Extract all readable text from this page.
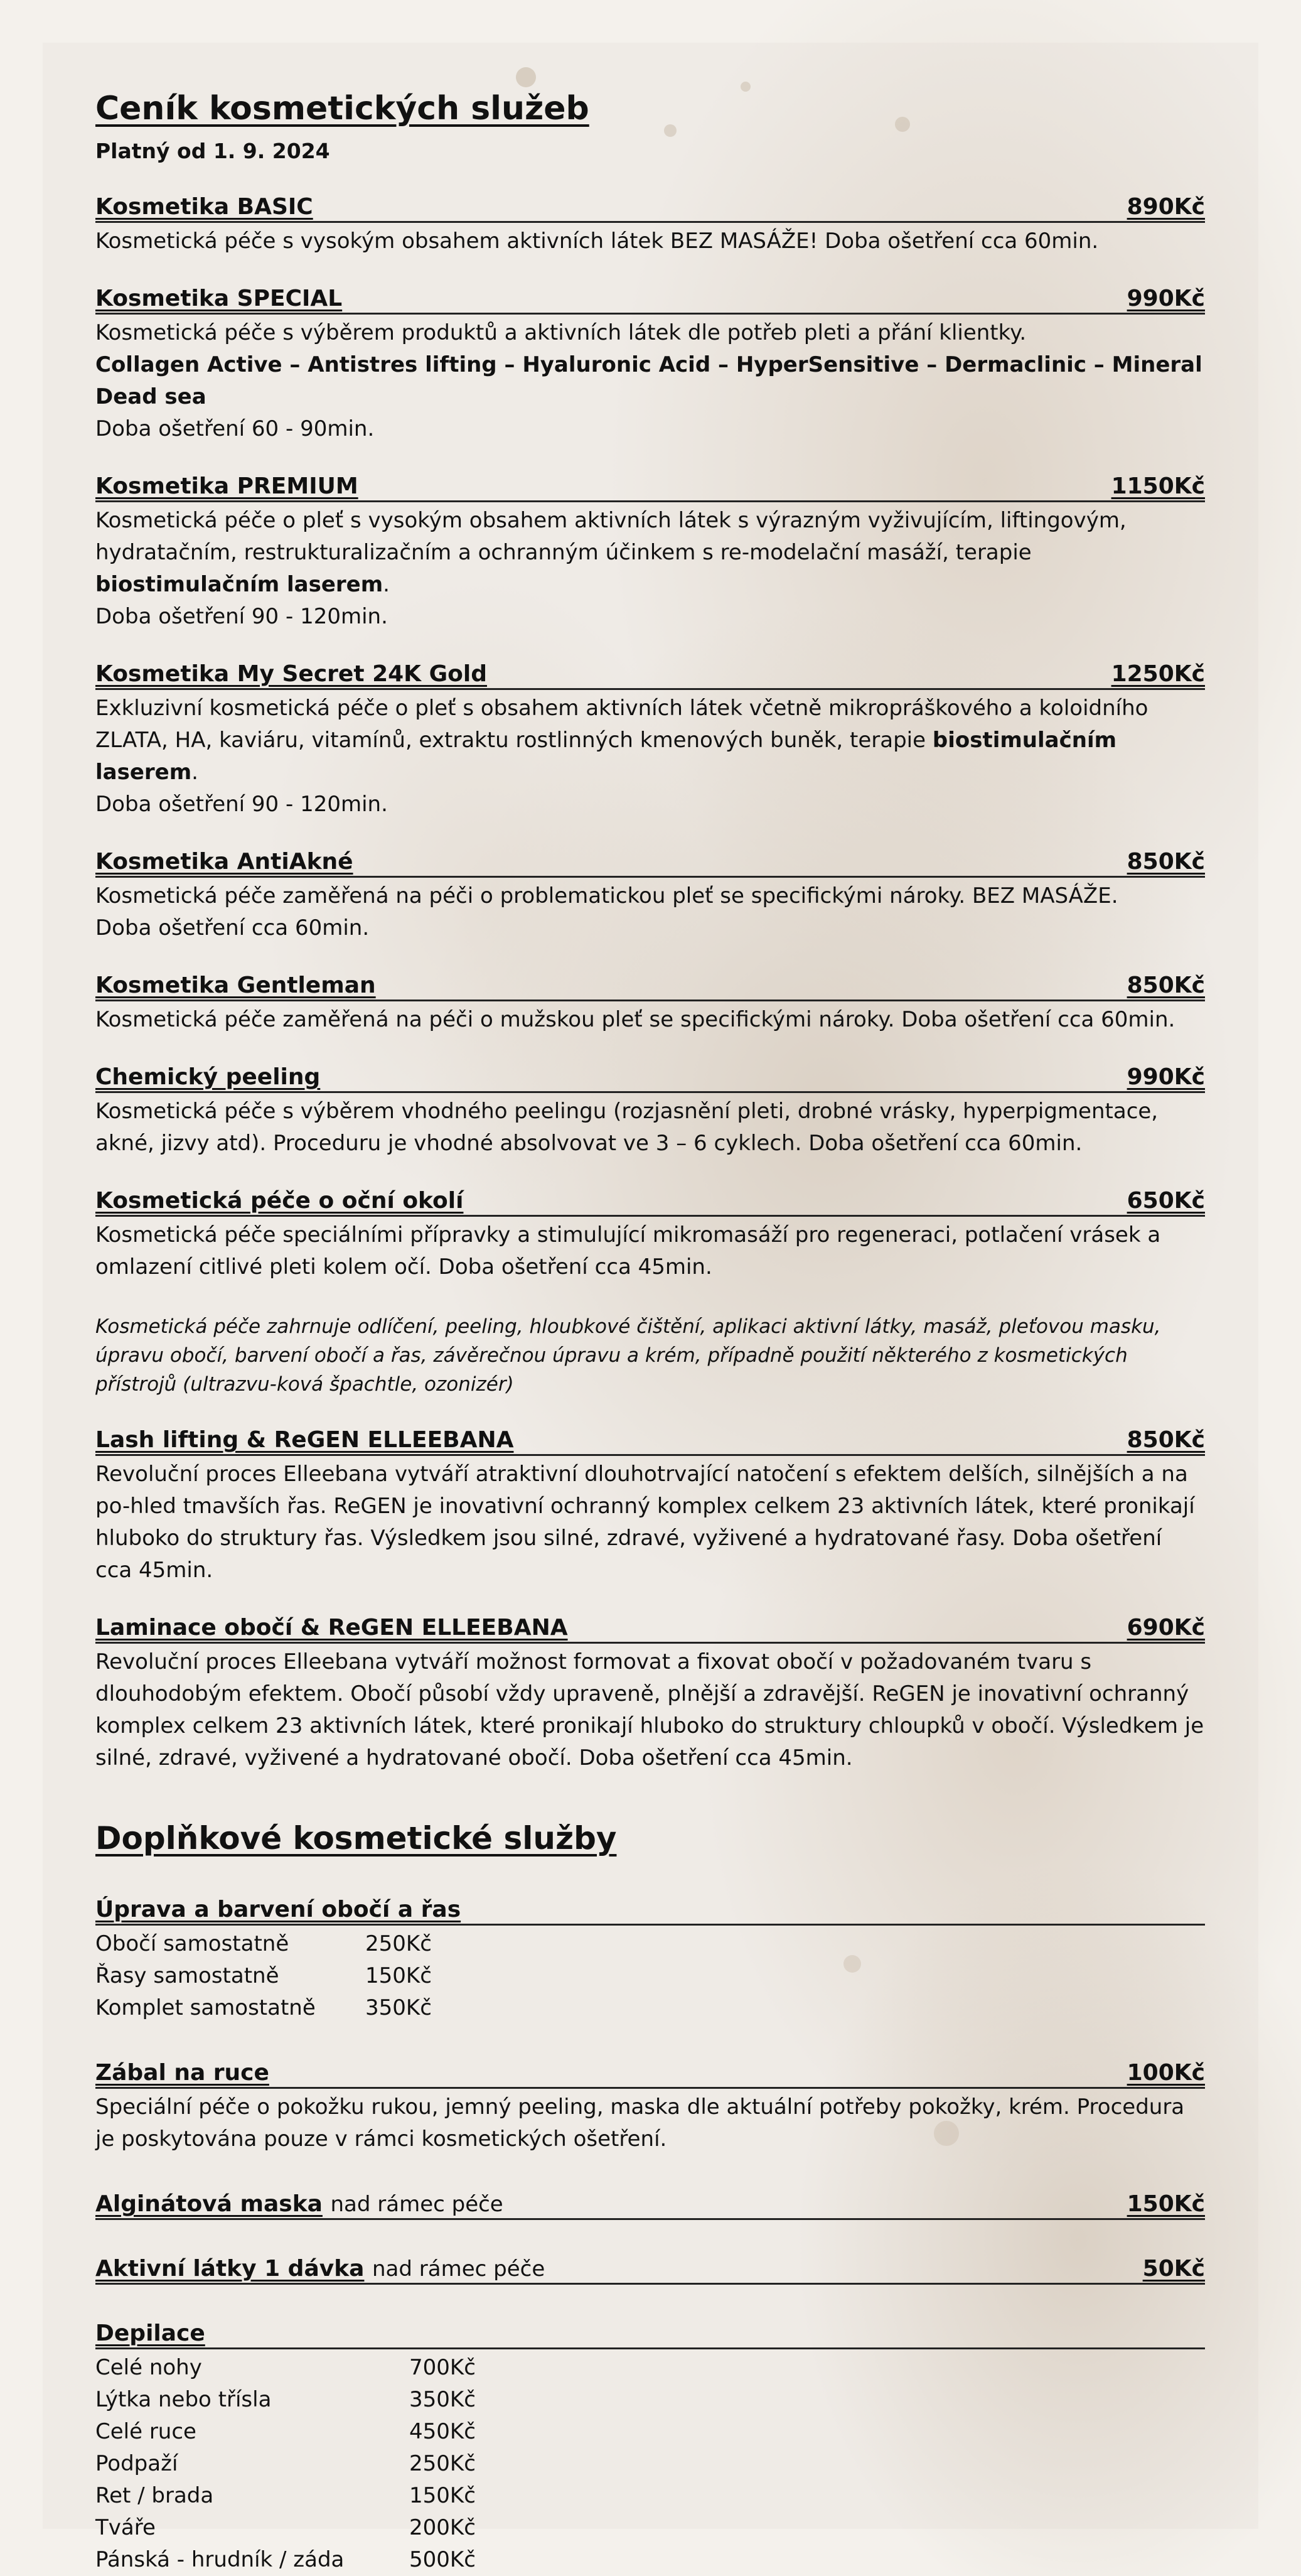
Ceník kosmetických služeb
Platný od 1. 9. 2024
Kosmetika BASIC	890Kč

Kosmetická péče s vysokým obsahem aktivních látek BEZ MASÁŽE! Doba ošetření cca 60min.

Kosmetika SPECIAL	990Kč

Kosmetická péče s výběrem produktů a aktivních látek dle potřeb pleti a přání klientky.

Collagen Active – Antistres lifting – Hyaluronic Acid – HyperSensitive – Dermaclinic – Mineral Dead sea

Doba ošetření 60 - 90min.

Kosmetika PREMIUM	1150Kč

Kosmetická péče o pleť s vysokým obsahem aktivních látek s výrazným vyživujícím, liftingovým, hydratačním, restrukturalizačním a ochranným účinkem s re-modelační masáží, terapie biostimulačním laserem.

Doba ošetření 90 - 120min.

Kosmetika My Secret 24K Gold	1250Kč

Exkluzivní kosmetická péče o pleť s obsahem aktivních látek včetně mikropráškového a koloidního ZLATA, HA, kaviáru, vitamínů, extraktu rostlinných kmenových buněk, terapie biostimulačním laserem.

Doba ošetření 90 - 120min.

Kosmetika AntiAkné	850Kč

Kosmetická péče zaměřená na péči o problematickou pleť se specifickými nároky. BEZ MASÁŽE.

Doba ošetření cca 60min.

Kosmetika Gentleman	850Kč

Kosmetická péče zaměřená na péči o mužskou pleť se specifickými nároky. Doba ošetření cca 60min.

Chemický peeling	990Kč

Kosmetická péče s výběrem vhodného peelingu (rozjasnění pleti, drobné vrásky, hyperpigmentace, akné, jizvy atd). Proceduru je vhodné absolvovat ve 3 – 6 cyklech. Doba ošetření cca 60min.

Kosmetická péče o oční okolí	650Kč

Kosmetická péče speciálními přípravky a stimulující mikromasáží pro regeneraci, potlačení vrásek a omlazení citlivé pleti kolem očí. Doba ošetření cca 45min.

Kosmetická péče zahrnuje odlíčení, peeling, hloubkové čištění, aplikaci aktivní látky, masáž, pleťovou masku, úpravu obočí, barvení obočí a řas, závěrečnou úpravu a krém, případně použití některého z kosmetických přístrojů (ultrazvu-ková špachtle, ozonizér)
Lash lifting & ReGEN ELLEEBANA	850Kč

Revoluční proces Elleebana vytváří atraktivní dlouhotrvající natočení s efektem delších, silnějších a na po-hled tmavších řas. ReGEN je inovativní ochranný komplex celkem 23 aktivních látek, které pronikají hluboko do struktury řas. Výsledkem jsou silné, zdravé, vyživené a hydratované řasy. Doba ošetření cca 45min.

Laminace obočí & ReGEN ELLEEBANA	690Kč

Revoluční proces Elleebana vytváří možnost formovat a fixovat obočí v požadovaném tvaru s dlouhodobým efektem. Obočí působí vždy upraveně, plnější a zdravější. ReGEN je inovativní ochranný komplex celkem 23 aktivních látek, které pronikají hluboko do struktury chloupků v obočí. Výsledkem je silné, zdravé, vyživené a hydratované obočí. Doba ošetření cca 45min.

Doplňkové kosmetické služby
Úprava a barvení obočí a řas
Obočí samostatně	250Kč
Řasy samostatně	150Kč
Komplet samostatně	350Kč
Zábal na ruce	100Kč
Speciální péče o pokožku rukou, jemný peeling, maska dle aktuální potřeby pokožky, krém. Procedura je poskytována pouze v rámci kosmetických ošetření.
Alginátová maska nad rámec péče	150Kč
Aktivní látky 1 dávka nad rámec péče	50Kč
Depilace
Celé nohy	700Kč
Lýtka nebo třísla	350Kč
Celé ruce	450Kč
Podpaží	250Kč
Ret / brada	150Kč
Tváře	200Kč
Pánská - hrudník / záda	500Kč
